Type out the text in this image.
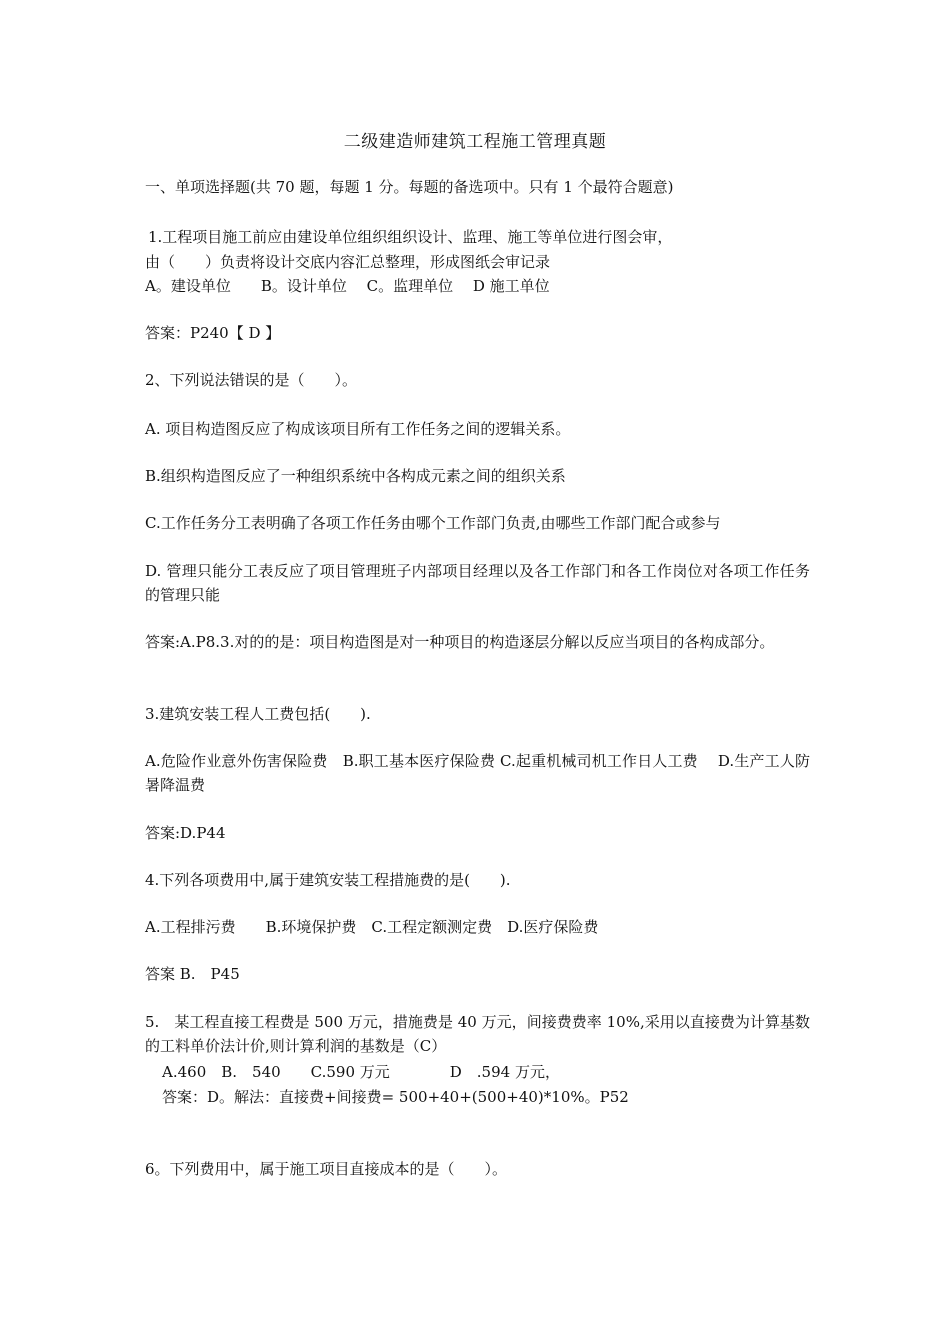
二级建造师建筑工程施工管理真题
一、单项选择题(共 70 题，每题 1 分。每题的备选项中。只有 1 个最符合题意)
1.工程项目施工前应由建设单位组织组织设计、监理、施工等单位进行图会审，
由（　　）负责将设计交底内容汇总整理，形成图纸会审记录
A。建设单位　　B。设计单位　 C。监理单位　 D 施工单位
答案：P240【 D 】
2、下列说法错误的是（　　）。
A. 项目构造图反应了构成该项目所有工作任务之间的逻辑关系。
B.组织构造图反应了一种组织系统中各构成元素之间的组织关系
C.工作任务分工表明确了各项工作任务由哪个工作部门负责,由哪些工作部门配合或参与
D. 管理只能分工表反应了项目管理班子内部项目经理以及各工作部门和各工作岗位对各项工作任务的管理只能
答案:A.P8.3.对的的是：项目构造图是对一种项目的构造逐层分解以反应当项目的各构成部分。
3.建筑安装工程人工费包括(　　).
A.危险作业意外伤害保险费　B.职工基本医疗保险费 C.起重机械司机工作日人工费　 D.生产工人防暑降温费
答案:D.P44
4.下列各项费用中,属于建筑安装工程措施费的是(　　).
A.工程排污费　　B.环境保护费　C.工程定额测定费　D.医疗保险费
答案 B.　P45
5.　某工程直接工程费是 500 万元，措施费是 40 万元，间接费费率 10%,采用以直接费为计算基数的工料单价法计价,则计算利润的基数是（C）
A.460　B.　540　　C.590 万元　　　　D　.594 万元，
答案：D。解法：直接费+间接费= 500+40+(500+40)*10%。P52
6。下列费用中，属于施工项目直接成本的是（　　）。
